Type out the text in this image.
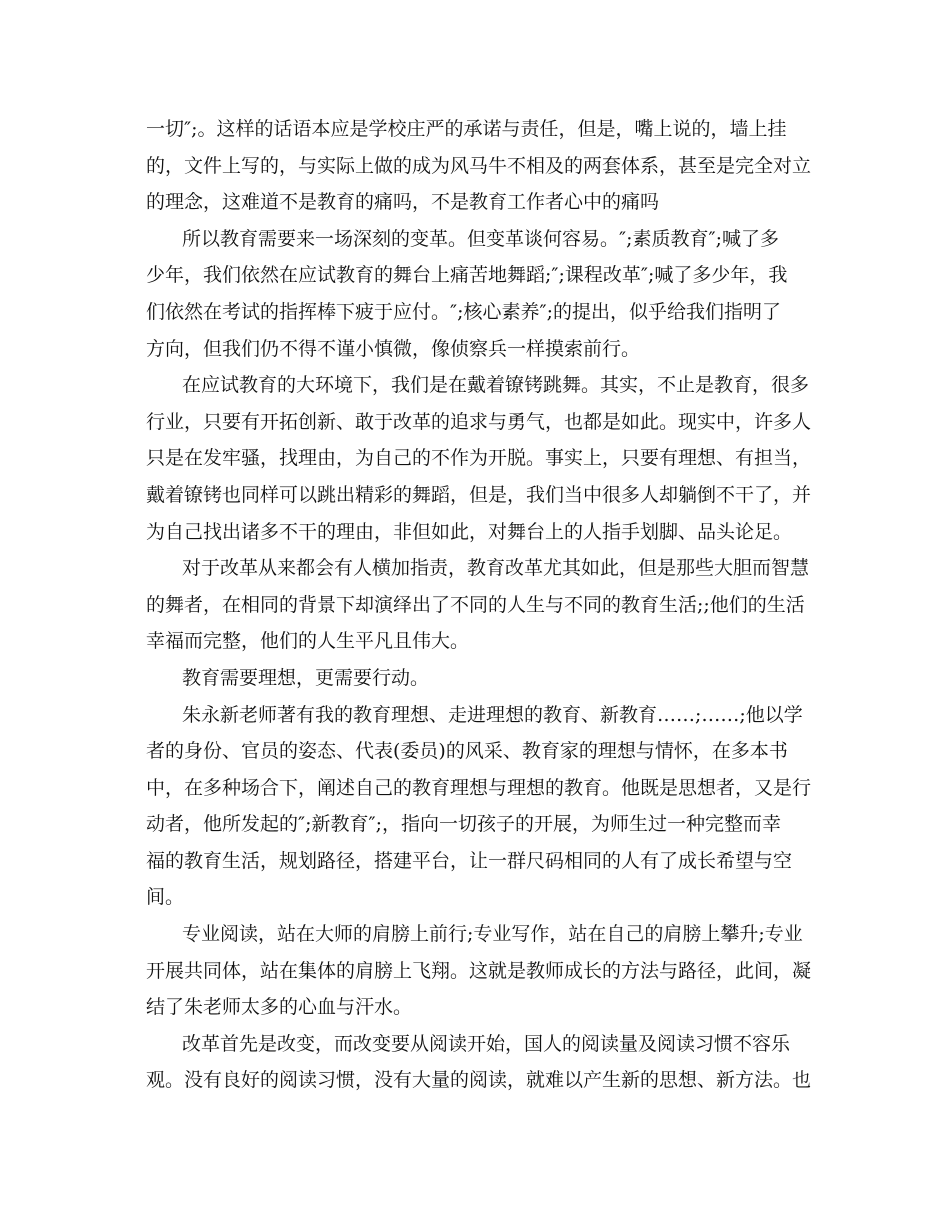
一切″;。这样的话语本应是学校庄严的承诺与责任，但是，嘴上说的，墙上挂
的，文件上写的，与实际上做的成为风马牛不相及的两套体系，甚至是完全对立
的理念，这难道不是教育的痛吗，不是教育工作者心中的痛吗
所以教育需要来一场深刻的变革。但变革谈何容易。″;素质教育″;喊了多
少年，我们依然在应试教育的舞台上痛苦地舞蹈;″;课程改革″;喊了多少年，我
们依然在考试的指挥棒下疲于应付。″;核心素养″;的提出，似乎给我们指明了
方向，但我们仍不得不谨小慎微，像侦察兵一样摸索前行。
在应试教育的大环境下，我们是在戴着镣铐跳舞。其实，不止是教育，很多
行业，只要有开拓创新、敢于改革的追求与勇气，也都是如此。现实中，许多人
只是在发牢骚，找理由，为自己的不作为开脱。事实上，只要有理想、有担当，
戴着镣铐也同样可以跳出精彩的舞蹈，但是，我们当中很多人却躺倒不干了，并
为自己找出诸多不干的理由，非但如此，对舞台上的人指手划脚、品头论足。
对于改革从来都会有人横加指责，教育改革尤其如此，但是那些大胆而智慧
的舞者，在相同的背景下却演绎出了不同的人生与不同的教育生活;;他们的生活
幸福而完整，他们的人生平凡且伟大。
教育需要理想，更需要行动。
朱永新老师著有我的教育理想、走进理想的教育、新教育……;……;他以学
者的身份、官员的姿态、代表(委员)的风采、教育家的理想与情怀，在多本书
中，在多种场合下，阐述自己的教育理想与理想的教育。他既是思想者，又是行
动者，他所发起的″;新教育″;，指向一切孩子的开展，为师生过一种完整而幸
福的教育生活，规划路径，搭建平台，让一群尺码相同的人有了成长希望与空
间。
专业阅读，站在大师的肩膀上前行;专业写作，站在自己的肩膀上攀升;专业
开展共同体，站在集体的肩膀上飞翔。这就是教师成长的方法与路径，此间，凝
结了朱老师太多的心血与汗水。
改革首先是改变，而改变要从阅读开始，国人的阅读量及阅读习惯不容乐
观。没有良好的阅读习惯，没有大量的阅读，就难以产生新的思想、新方法。也
